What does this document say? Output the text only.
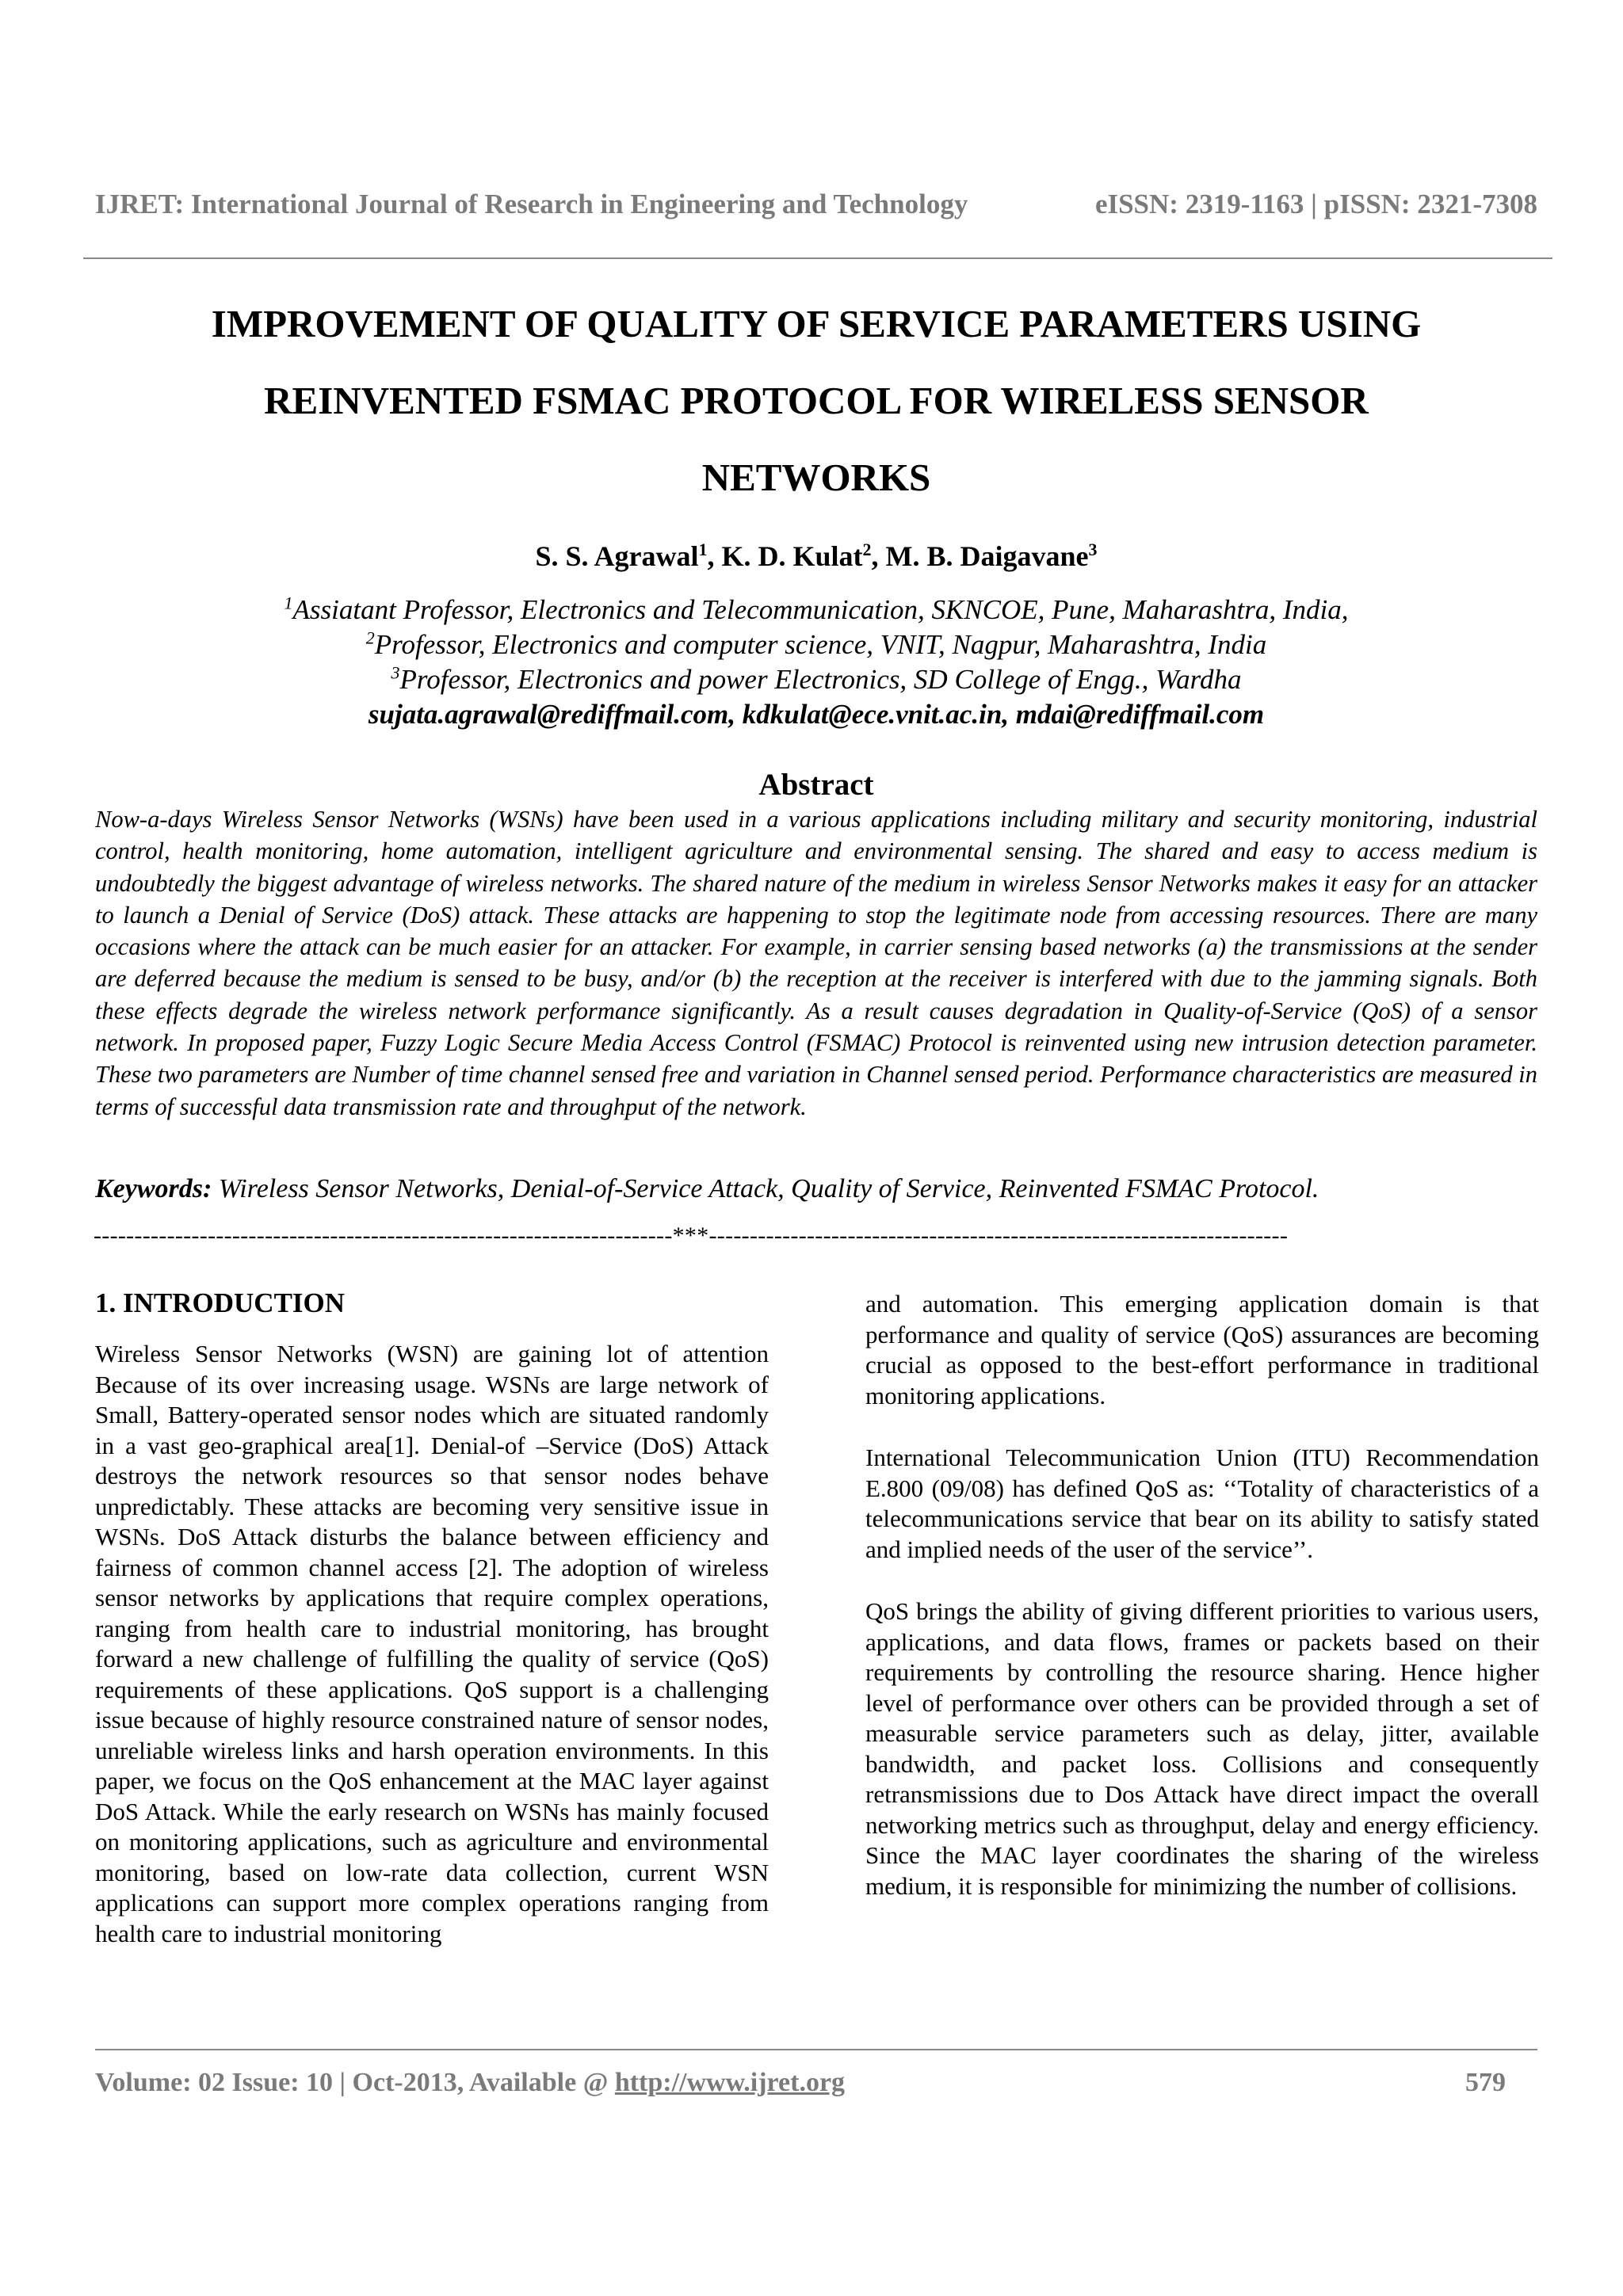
IJRET: International Journal of Research in Engineering and Technology	eISSN: 2319-1163 | pISSN: 2321-7308
IMPROVEMENT OF QUALITY OF SERVICE PARAMETERS USING
REINVENTED FSMAC PROTOCOL FOR WIRELESS SENSOR
NETWORKS

S. S. Agrawal$^1$, K. D. Kulat$^2$, M. B. Daigavane$^3$

$^1$Assiatant Professor, Electronics and Telecommunication, SKNCOE, Pune, Maharashtra, India,
$^2$Professor, Electronics and computer science, VNIT, Nagpur, Maharashtra, India
$^3$Professor, Electronics and power Electronics, SD College of Engg., Wardha
sujata.agrawal@rediffmail.com, kdkulat@ece.vnit.ac.in, mdai@rediffmail.com
Abstract

Now-a-days Wireless Sensor Networks (WSNs) have been used in a various applications including military and security monitoring, industrial control, health monitoring, home automation, intelligent agriculture and environmental sensing. The shared and easy to access medium is undoubtedly the biggest advantage of wireless networks. The shared nature of the medium in wireless Sensor Networks makes it easy for an attacker to launch a Denial of Service (DoS) attack. These attacks are happening to stop the legitimate node from accessing resources. There are many occasions where the attack can be much easier for an attacker. For example, in carrier sensing based networks (a) the transmissions at the sender are deferred because the medium is sensed to be busy, and/or (b) the reception at the receiver is interfered with due to the jamming signals. Both these effects degrade the wireless network performance significantly. As a result causes degradation in Quality-of-Service (QoS) of a sensor network. In proposed paper, Fuzzy Logic Secure Media Access Control (FSMAC) Protocol is reinvented using new intrusion detection parameter. These two parameters are Number of time channel sensed free and variation in Channel sensed period. Performance characteristics are measured in terms of successful data transmission rate and throughput of the network.

Keywords: Wireless Sensor Networks, Denial-of-Service Attack, Quality of Service, Reinvented FSMAC Protocol.

-----------------------------------------------------------------------***-----------------------------------------------------------------------
1. INTRODUCTION

Wireless Sensor Networks (WSN) are gaining lot of attention Because of its over increasing usage. WSNs are large network of Small, Battery-operated sensor nodes which are situated randomly in a vast geo-graphical area[1]. Denial-of –Service (DoS) Attack destroys the network resources so that sensor nodes behave unpredictably. These attacks are becoming very sensitive issue in WSNs. DoS Attack disturbs the balance between efficiency and fairness of common channel access [2]. The adoption of wireless sensor networks by applications that require complex operations, ranging from health care to industrial monitoring, has brought forward a new challenge of fulfilling the quality of service (QoS) requirements of these applications. QoS support is a challenging issue because of highly resource constrained nature of sensor nodes, unreliable wireless links and harsh operation environments. In this paper, we focus on the QoS enhancement at the MAC layer against DoS Attack. While the early research on WSNs has mainly focused on monitoring applications, such as agriculture and environmental monitoring, based on low-rate data collection, current WSN applications can support more complex operations ranging from health care to industrial monitoring

and automation. This emerging application domain is that performance and quality of service (QoS) assurances are becoming crucial as opposed to the best-effort performance in traditional monitoring applications.

International Telecommunication Union (ITU) Recommendation E.800 (09/08) has defined QoS as: ‘‘Totality of characteristics of a telecommunications service that bear on its ability to satisfy stated and implied needs of the user of the service’’.

QoS brings the ability of giving different priorities to various users, applications, and data flows, frames or packets based on their requirements by controlling the resource sharing. Hence higher level of performance over others can be provided through a set of measurable service parameters such as delay, jitter, available bandwidth, and packet loss. Collisions and consequently retransmissions due to Dos Attack have direct impact the overall networking metrics such as throughput, delay and energy efficiency. Since the MAC layer coordinates the sharing of the wireless medium, it is responsible for minimizing the number of collisions.

Volume: 02 Issue: 10 | Oct-2013, Available @ http://www.ijret.org	579
